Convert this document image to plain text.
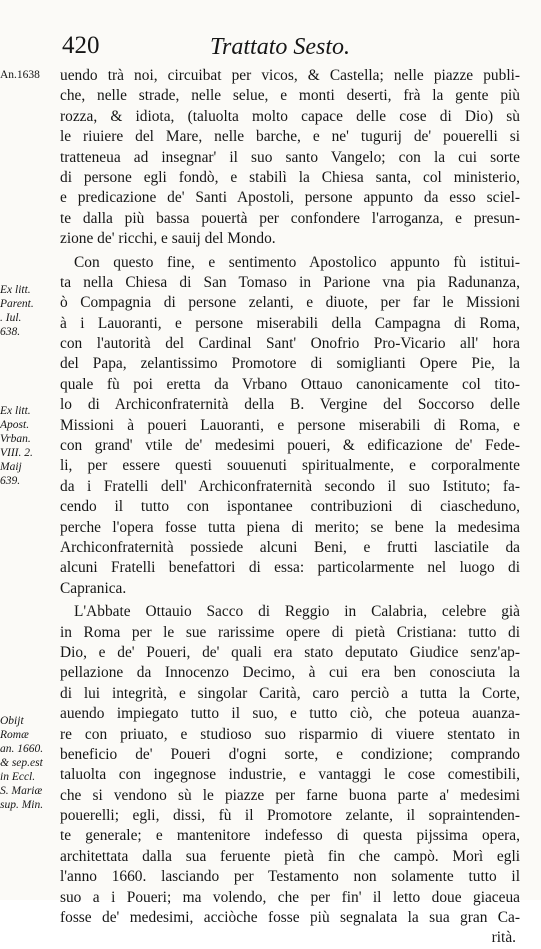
420	Trattato Sesto.
An.1638
Ex litt.
Parent.
. Iul.
638.
Ex litt.
Apost.
Vrban.
VIII. 2.
Maij
639.
Obijt
Romæ
an. 1660.
& sep.est
in Eccl.
S. Mariæ
sup. Min.
uendo trà noi, circuibat per vicos, & Castella; nelle piazze publi-
che, nelle strade, nelle selue, e monti deserti, frà la gente più
rozza, & idiota, (taluolta molto capace delle cose di Dio) sù
le riuiere del Mare, nelle barche, e ne' tugurij de' pouerelli si
tratteneua ad insegnar' il suo santo Vangelo; con la cui sorte
di persone egli fondò, e stabilì la Chiesa santa, col ministerio,
e predicazione de' Santi Apostoli, persone appunto da esso sciel-
te dalla più bassa pouertà per confondere l'arroganza, e presun-
zione de' ricchi, e sauij del Mondo.
Con questo fine, e sentimento Apostolico appunto fù istitui-
ta nella Chiesa di San Tomaso in Parione vna pia Radunanza,
ò Compagnia di persone zelanti, e diuote, per far le Missioni
à i Lauoranti, e persone miserabili della Campagna di Roma,
con l'autorità del Cardinal Sant' Onofrio Pro-Vicario all' hora
del Papa, zelantissimo Promotore di somiglianti Opere Pie, la
quale fù poi eretta da Vrbano Ottauo canonicamente col tito-
lo di Archiconfraternità della B. Vergine del Soccorso delle
Missioni à poueri Lauoranti, e persone miserabili di Roma, e
con grand' vtile de' medesimi poueri, & edificazione de' Fede-
li, per essere questi souuenuti spiritualmente, e corporalmente
da i Fratelli dell' Archiconfraternità secondo il suo Istituto; fa-
cendo il tutto con ispontanee contribuzioni di ciascheduno,
perche l'opera fosse tutta piena di merito; se bene la medesima
Archiconfraternità possiede alcuni Beni, e frutti lasciatile da
alcuni Fratelli benefattori di essa: particolarmente nel luogo di
Capranica.
L'Abbate Ottauio Sacco di Reggio in Calabria, celebre già
in Roma per le sue rarissime opere di pietà Cristiana: tutto di
Dio, e de' Poueri, de' quali era stato deputato Giudice senz'ap-
pellazione da Innocenzo Decimo, à cui era ben conosciuta la
di lui integrità, e singolar Carità, caro perciò a tutta la Corte,
auendo impiegato tutto il suo, e tutto ciò, che poteua auanza-
re con priuato, e studioso suo risparmio di viuere stentato in
beneficio de' Poueri d'ogni sorte, e condizione; comprando
taluolta con ingegnose industrie, e vantaggi le cose comestibili,
che si vendono sù le piazze per farne buona parte a' medesimi
pouerelli; egli, dissi, fù il Promotore zelante, il sopraintenden-
te generale; e mantenitore indefesso di questa pijssima opera,
architettata dalla sua feruente pietà fin che campò. Morì egli
l'anno 1660. lasciando per Testamento non solamente tutto il
suo a i Poueri; ma volendo, che per fin' il letto doue giaceua
fosse de' medesimi, acciòche fosse più segnalata la sua gran Ca-
rità.
